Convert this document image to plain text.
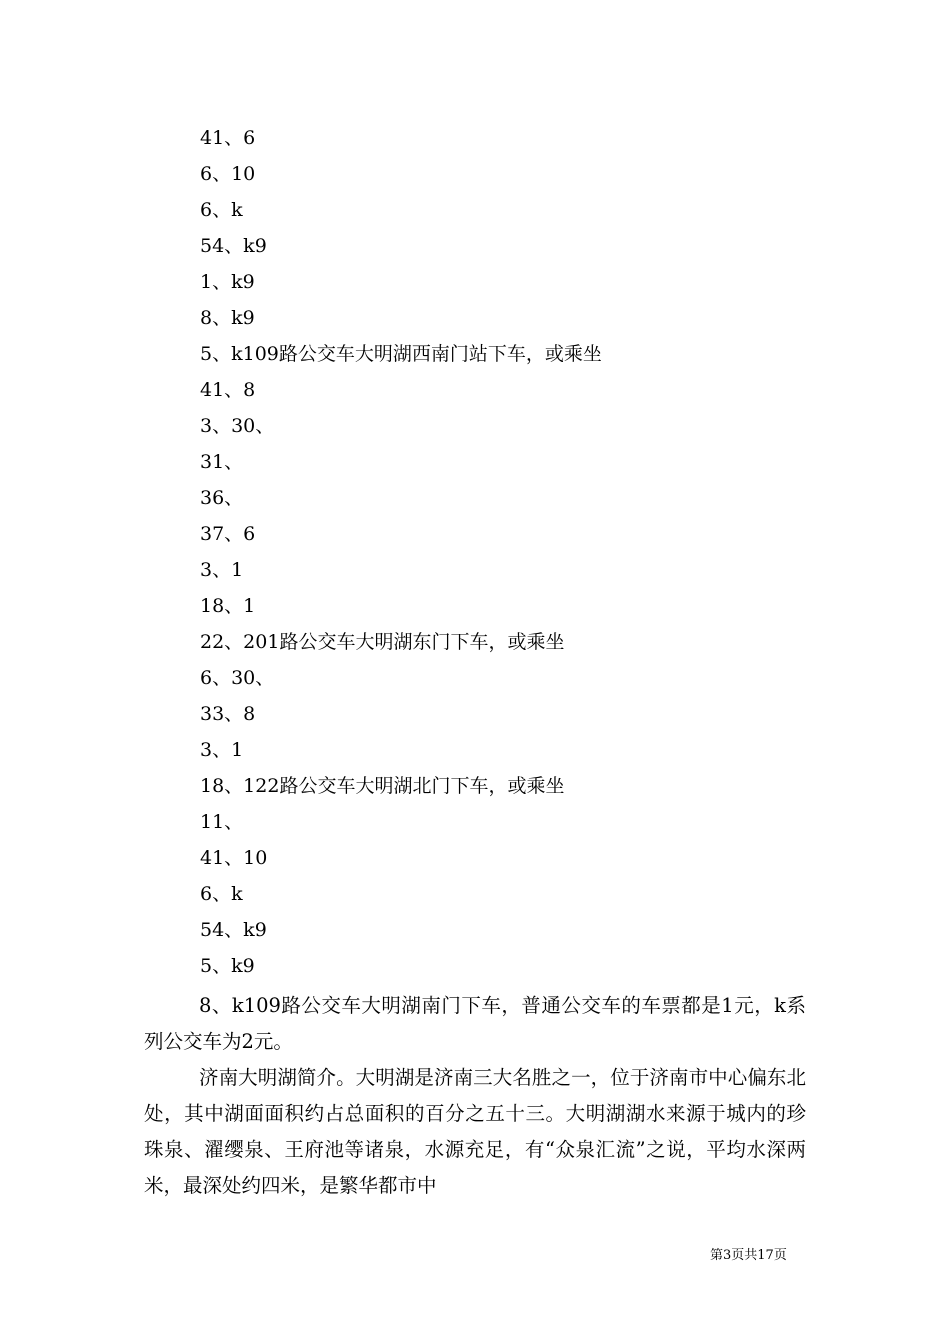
41、6
6、10
6、k
54、k9
1、k9
8、k9
5、k109路公交车大明湖西南门站下车，或乘坐
41、8
3、30、
31、
36、
37、6
3、1
18、1
22、201路公交车大明湖东门下车，或乘坐
6、30、
33、8
3、1
18、122路公交车大明湖北门下车，或乘坐
11、
41、10
6、k
54、k9
5、k9
8、k109路公交车大明湖南门下车，普通公交车的车票都是1元，k系列公交车为2元。
济南大明湖简介。大明湖是济南三大名胜之一，位于济南市中心偏东北处，其中湖面面积约占总面积的百分之五十三。大明湖湖水来源于城内的珍珠泉、濯缨泉、王府池等诸泉，水源充足，有“众泉汇流”之说，平均水深两米，最深处约四米，是繁华都市中
第3页共17页
